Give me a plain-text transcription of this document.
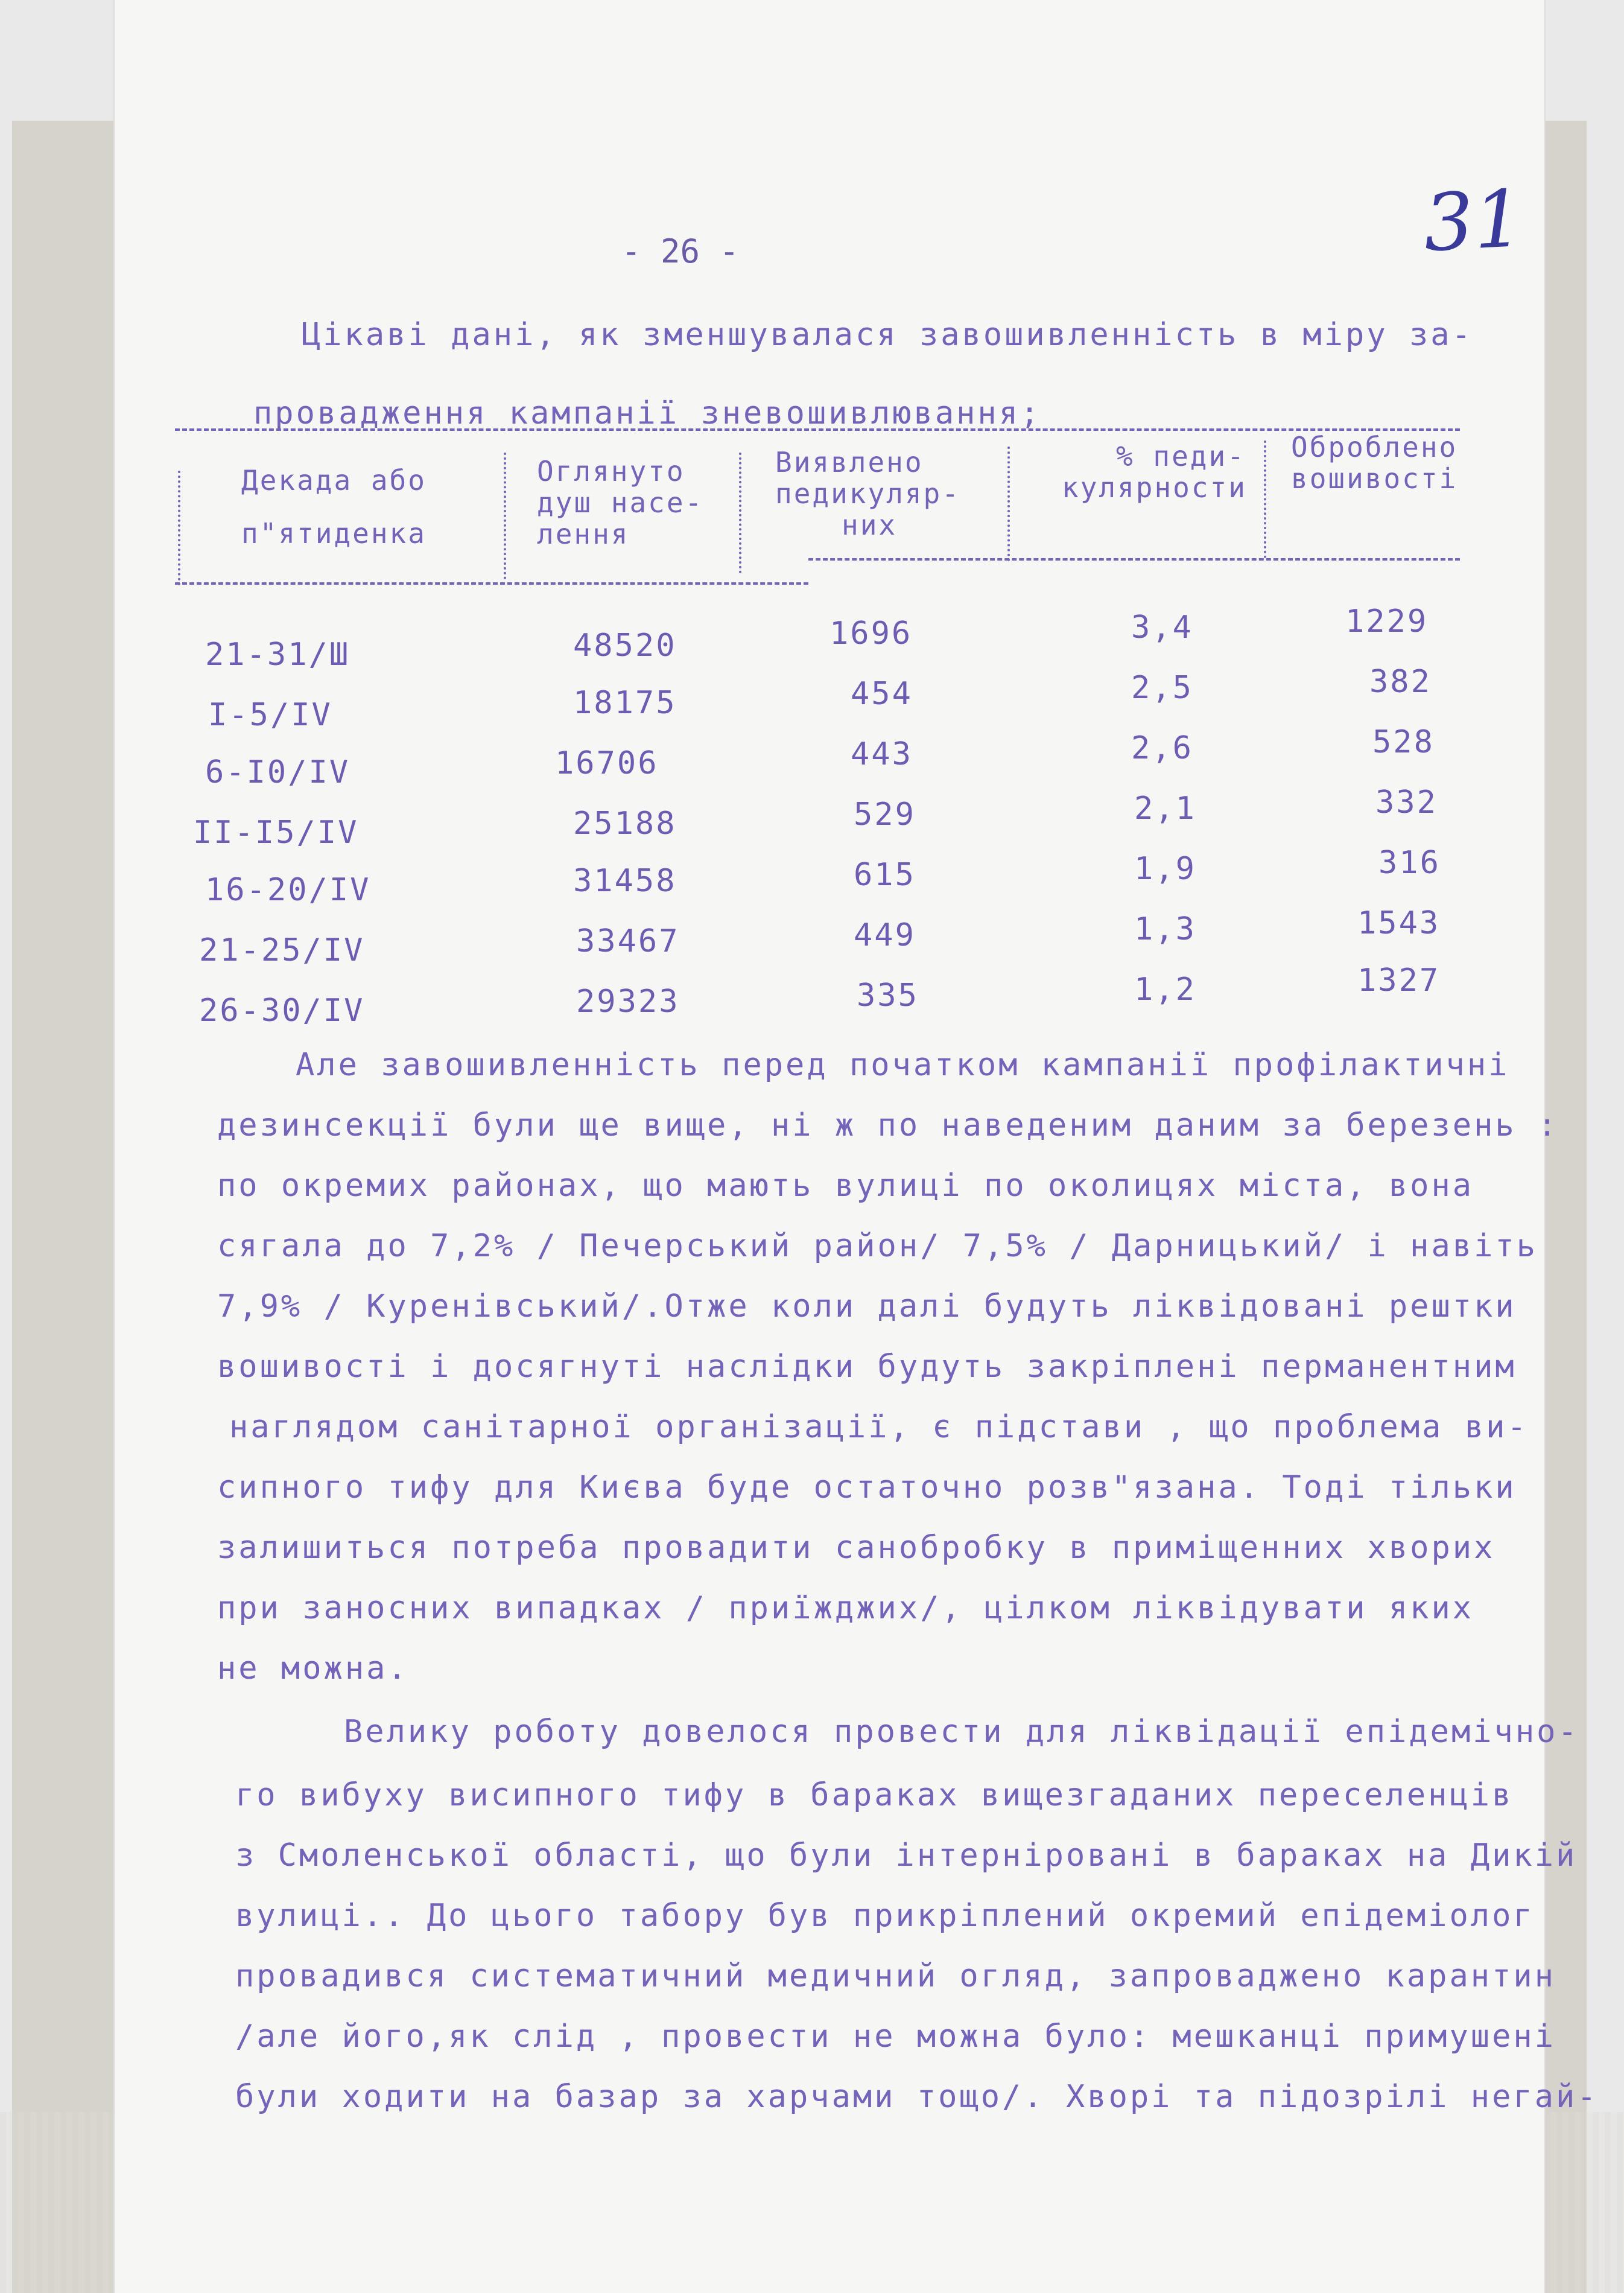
- 26 -	31
Цікаві дані, як зменшувалася завошивленність в міру за-
провадження кампанії зневошивлювання;
Декада або
п"ятиденка
Оглянуто
душ насе-
лення
Виявлено
педикуляр-
них
% педи-
кулярности
Оброблено
вошивості
21-31/Ш	48520	1696	3,4	1229
I-5/IV	18175	454	2,5	382
6-I0/IV	16706	443	2,6	528
II-I5/IV	25188	529	2,1	332
16-20/IV	31458	615	1,9	316
21-25/IV	33467	449	1,3	1543
26-30/IV	29323	335	1,2	1327
Але завошивленність перед початком кампанії профілактичні
дезинсекції були ще вище, ні ж по наведеним даним за березень :
по окремих районах, що мають вулиці по околицях міста, вона
сягала до 7,2% / Печерський район/ 7,5% / Дарницький/ і навіть
7,9% / Куренівський/.Отже коли далі будуть ліквідовані рештки
вошивості і досягнуті наслідки будуть закріплені перманентним
наглядом санітарної організації, є підстави , що проблема ви-
сипного тифу для Києва буде остаточно розв"язана. Тоді тільки
залишиться потреба провадити санобробку в приміщенних хворих
при заносних випадках / приїжджих/, цілком ліквідувати яких
не можна.
Велику роботу довелося провести для ліквідації епідемічно-
го вибуху висипного тифу в бараках вищезгаданих переселенців
з Смоленської області, що були інтерніровані в бараках на Дикій
вулиці.. До цього табору був прикріплений окремий епідеміолог
провадився систематичний медичний огляд, запроваджено карантин
/але його,як слід , провести не можна було: мешканці примушені
були ходити на базар за харчами тощо/. Хворі та підозрілі негай-
